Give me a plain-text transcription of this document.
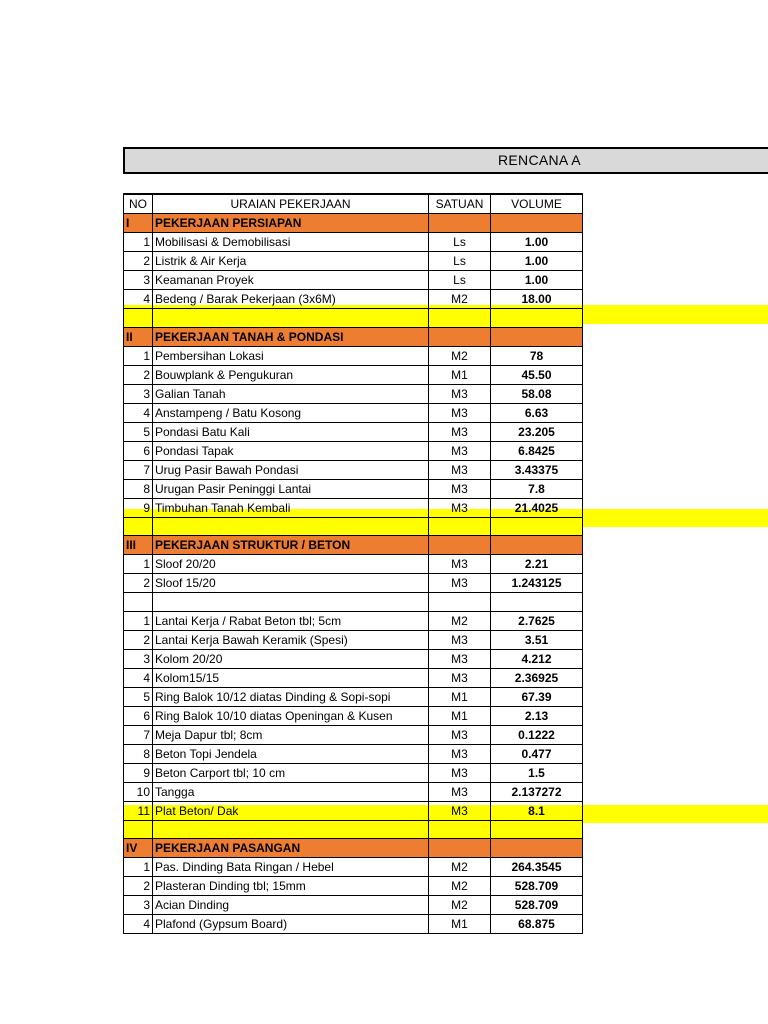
RENCANA A
NO	URAIAN PEKERJAAN	SATUAN	VOLUME
I	PEKERJAAN PERSIAPAN		
1	Mobilisasi & Demobilisasi	Ls	1.00
2	Listrik & Air Kerja	Ls	1.00
3	Keamanan Proyek	Ls	1.00
4	Bedeng / Barak Pekerjaan (3x6M)	M2	18.00

II	PEKERJAAN TANAH & PONDASI		
1	Pembersihan Lokasi	M2	78
2	Bouwplank & Pengukuran	M1	45.50
3	Galian Tanah	M3	58.08
4	Anstampeng / Batu Kosong	M3	6.63
5	Pondasi Batu Kali	M3	23.205
6	Pondasi Tapak	M3	6.8425
7	Urug Pasir Bawah Pondasi	M3	3.43375
8	Urugan Pasir Peninggi Lantai	M3	7.8
9	Timbuhan Tanah Kembali	M3	21.4025

III	PEKERJAAN STRUKTUR / BETON		
1	Sloof 20/20	M3	2.21
2	Sloof 15/20	M3	1.243125

1	Lantai Kerja / Rabat Beton tbl; 5cm	M2	2.7625
2	Lantai Kerja Bawah Keramik (Spesi)	M3	3.51
3	Kolom 20/20	M3	4.212
4	Kolom15/15	M3	2.36925
5	Ring Balok 10/12 diatas Dinding & Sopi-sopi	M1	67.39
6	Ring Balok 10/10 diatas Openingan & Kusen	M1	2.13
7	Meja Dapur tbl; 8cm	M3	0.1222
8	Beton Topi Jendela	M3	0.477
9	Beton Carport tbl; 10 cm	M3	1.5
10	Tangga	M3	2.137272
11	Plat Beton/ Dak	M3	8.1

IV	PEKERJAAN PASANGAN		
1	Pas. Dinding Bata Ringan / Hebel	M2	264.3545
2	Plasteran Dinding tbl; 15mm	M2	528.709
3	Acian Dinding	M2	528.709
4	Plafond (Gypsum Board)	M1	68.875
